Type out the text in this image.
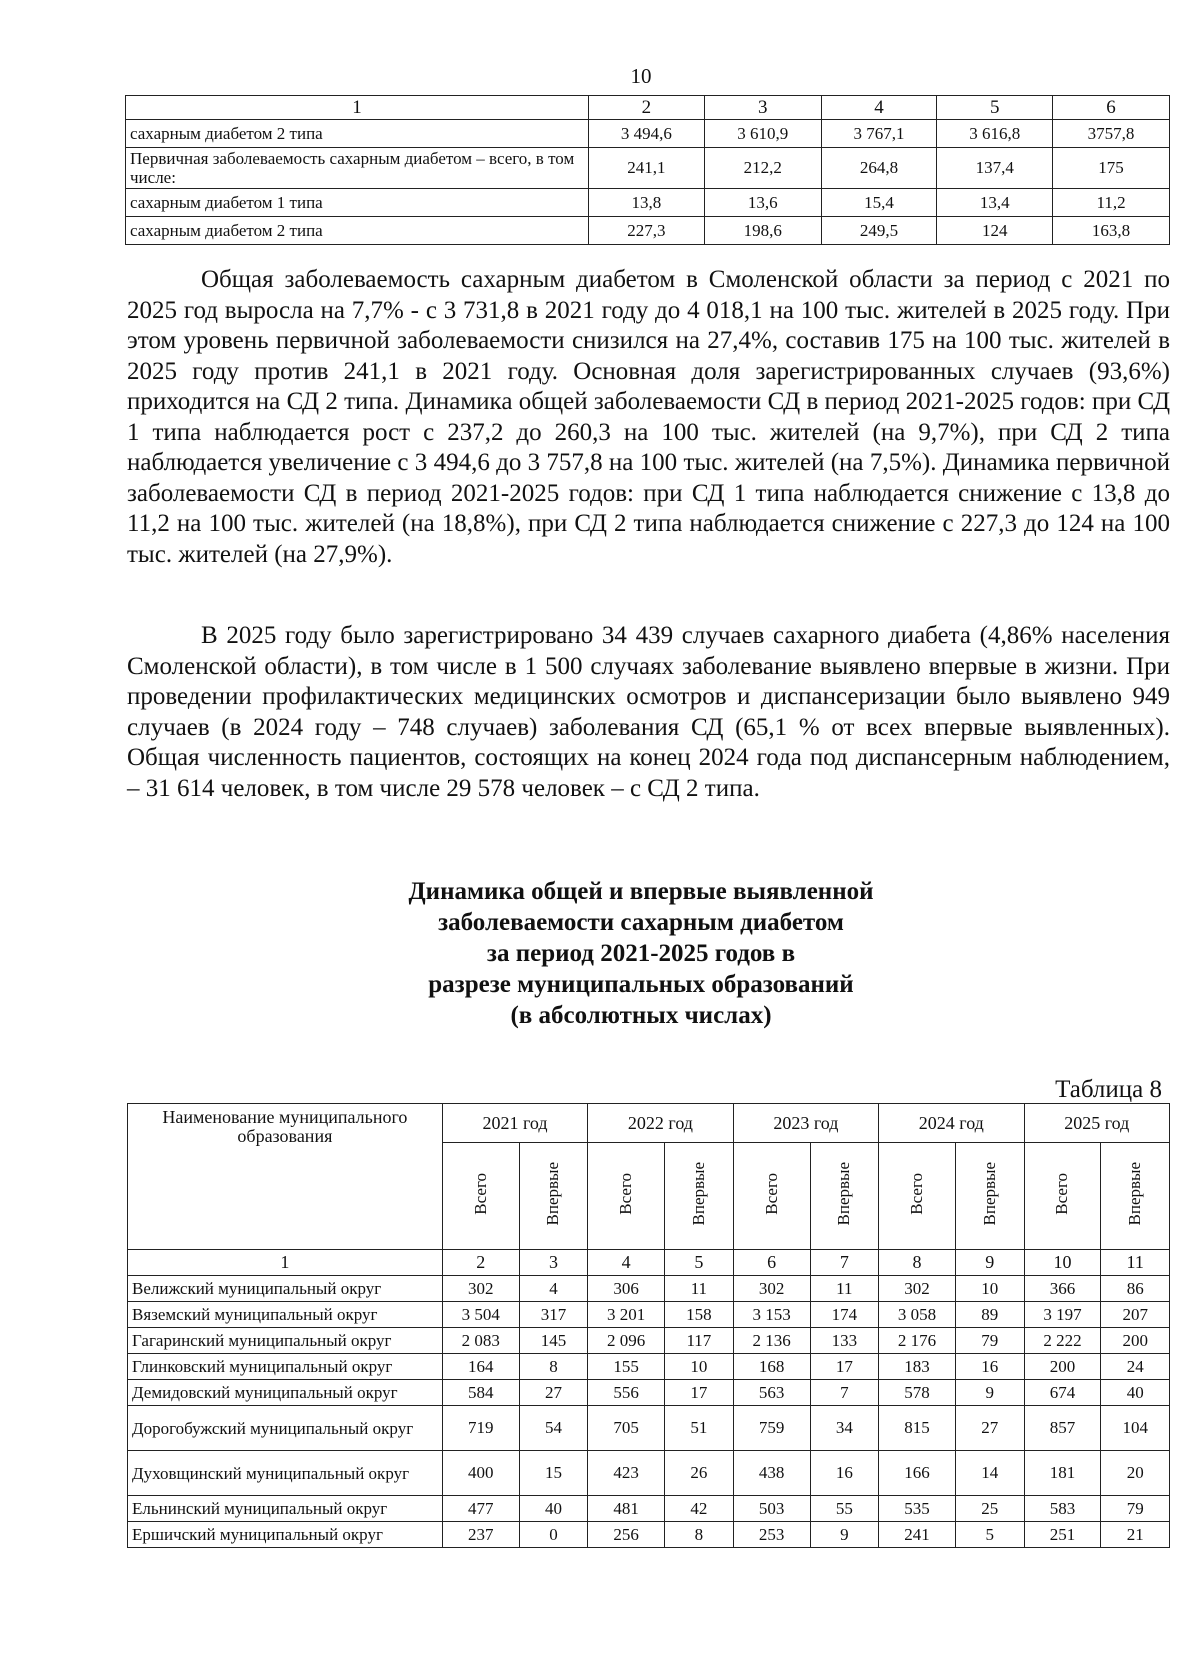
10
1	2	3	4	5	6
сахарным диабетом 2 типа	3 494,6	3 610,9	3 767,1	3 616,8	3757,8
Первичная заболеваемость сахарным диабетом – всего, в том числе:	241,1	212,2	264,8	137,4	175
сахарным диабетом 1 типа	13,8	13,6	15,4	13,4	11,2
сахарным диабетом 2 типа	227,3	198,6	249,5	124	163,8

Общая заболеваемость сахарным диабетом в Смоленской области за период с 2021 по 2025 год выросла на 7,7% - с 3 731,8 в 2021 году до 4 018,1 на 100 тыс. жителей в 2025 году. При этом уровень первичной заболеваемости снизился на 27,4%, составив 175 на 100 тыс. жителей в 2025 году против 241,1 в 2021 году. Основная доля зарегистрированных случаев (93,6%) приходится на СД 2 типа. Динамика общей заболеваемости СД в период 2021-2025 годов: при СД 1 типа наблюдается рост с 237,2 до 260,3 на 100 тыс. жителей (на 9,7%), при СД 2 типа наблюдается увеличение с 3 494,6 до 3 757,8 на 100 тыс. жителей (на 7,5%). Динамика первичной заболеваемости СД в период 2021-2025 годов: при СД 1 типа наблюдается снижение с 13,8 до 11,2 на 100 тыс. жителей (на 18,8%), при СД 2 типа наблюдается снижение с 227,3 до 124 на 100 тыс. жителей (на 27,9%).

В 2025 году было зарегистрировано 34 439 случаев сахарного диабета (4,86% населения Смоленской области), в том числе в 1 500 случаях заболевание выявлено впервые в жизни. При проведении профилактических медицинских осмотров и диспансеризации было выявлено 949 случаев (в 2024 году – 748 случаев) заболевания СД (65,1 % от всех впервые выявленных). Общая численность пациентов, состоящих на конец 2024 года под диспансерным наблюдением, – 31 614 человек, в том числе 29 578 человек – с СД 2 типа.

Динамика общей и впервые выявленной
заболеваемости сахарным диабетом
за период 2021-2025 годов в
разрезе муниципальных образований
(в абсолютных числах)
Таблица 8
Наименование муниципального образования	2021 год		2022 год		2023 год		2024 год		2025 год	
	Всего	Впервые	Всего	Впервые	Всего	Впервые	Всего	Впервые	Всего	Впервые
1	2	3	4	5	6	7	8	9	10	11
Велижский муниципальный округ	302	4	306	11	302	11	302	10	366	86
Вяземский муниципальный округ	3 504	317	3 201	158	3 153	174	3 058	89	3 197	207
Гагаринский муниципальный округ	2 083	145	2 096	117	2 136	133	2 176	79	2 222	200
Глинковский муниципальный округ	164	8	155	10	168	17	183	16	200	24
Демидовский муниципальный округ	584	27	556	17	563	7	578	9	674	40
Дорогобужский муниципальный округ	719	54	705	51	759	34	815	27	857	104
Духовщинский муниципальный округ	400	15	423	26	438	16	166	14	181	20
Ельнинский муниципальный округ	477	40	481	42	503	55	535	25	583	79
Ершичский муниципальный округ	237	0	256	8	253	9	241	5	251	21
